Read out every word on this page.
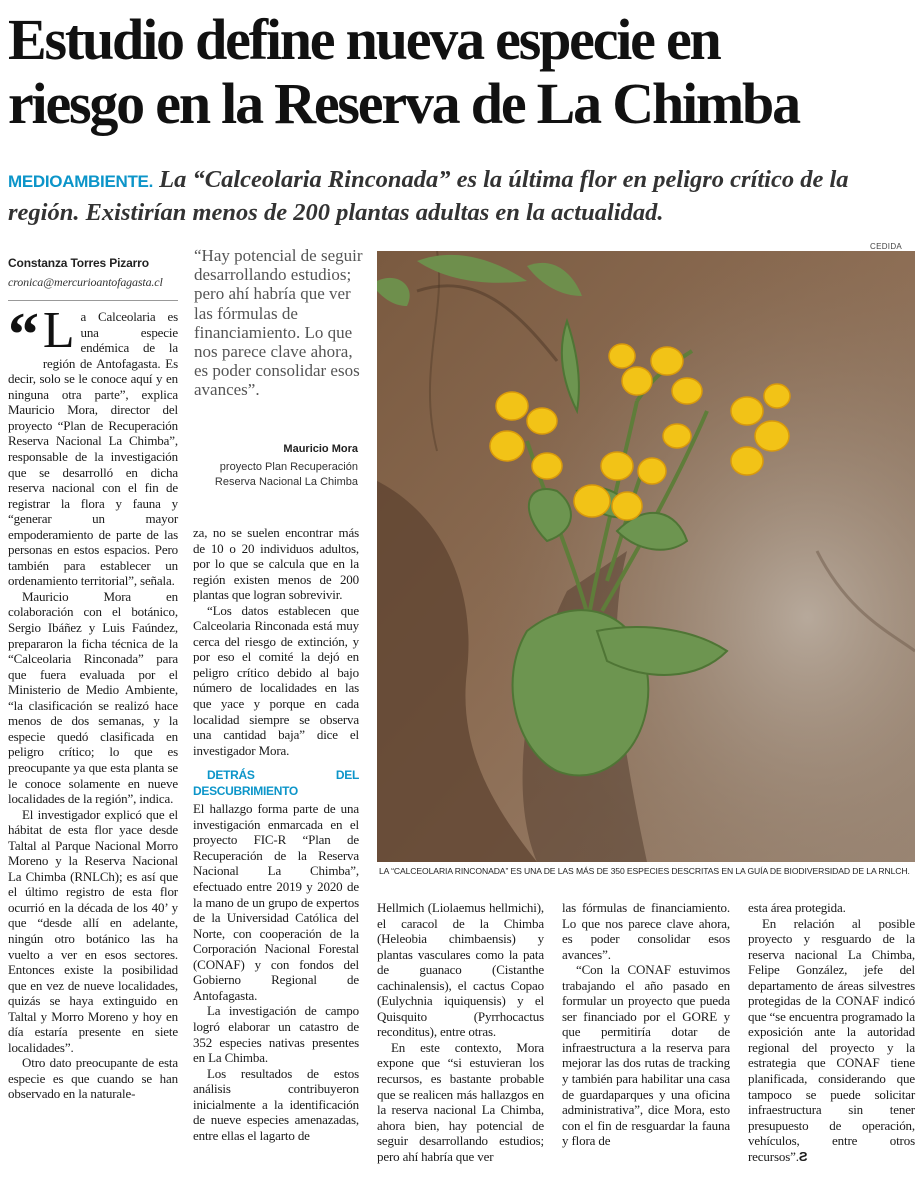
Estudio define nueva especie en
riesgo en la Reserva de La Chimba
MEDIOAMBIENTE. La “Calceolaria Rinconada” es la última flor en peligro crítico de la región. Existirían menos de 200 plantas adultas en la actualidad.
Constanza Torres Pizarro
cronica@mercurioantofagasta.cl
“ L a Calceolaria es una especie endémica de la región de Antofagasta. Es decir, solo se le conoce aquí y en ninguna otra parte”, explica Mauricio Mora, director del proyecto “Plan de Recuperación Reserva Nacional La Chimba”, responsable de la investigación que se desarrolló en dicha reserva nacional con el fin de registrar la flora y fauna y “generar un mayor empoderamiento de parte de las personas en estos espacios. Pero también para establecer un ordenamiento territorial”, señala.

Mauricio Mora en colaboración con el botánico, Sergio Ibáñez y Luis Faúndez, prepararon la ficha técnica de la “Calceolaria Rinconada” para que fuera evaluada por el Ministerio de Medio Ambiente, “la clasificación se realizó hace menos de dos semanas, y la especie quedó clasificada en peligro crítico; lo que es preocupante ya que esta planta se le conoce solamente en nueve localidades de la región”, indica.

El investigador explicó que el hábitat de esta flor yace desde Taltal al Parque Nacional Morro Moreno y la Reserva Nacional La Chimba (RNLCh); es así que el último registro de esta flor ocurrió en la década de los 40’ y que “desde allí en adelante, ningún otro botánico las ha vuelto a ver en esos sectores. Entonces existe la posibilidad que en vez de nueve localidades, quizás se haya extinguido en Taltal y Morro Moreno y hoy en día estaría presente en siete localidades”.

Otro dato preocupante de esta especie es que cuando se han observado en la naturale-

“Hay potencial de seguir desarrollando estudios; pero ahí habría que ver las fórmulas de financiamiento. Lo que nos parece clave ahora, es poder consolidar esos avances”.
Mauricio Mora
proyecto Plan Recuperación Reserva Nacional La Chimba

za, no se suelen encontrar más de 10 o 20 individuos adultos, por lo que se calcula que en la región existen menos de 200 plantas que logran sobrevivir.

“Los datos establecen que Calceolaria Rinconada está muy cerca del riesgo de extinción, y por eso el comité la dejó en peligro crítico debido al bajo número de localidades en las que yace y porque en cada localidad siempre se observa una cantidad baja” dice el investigador Mora.

DETRÁS DEL DESCUBRIMIENTO

El hallazgo forma parte de una investigación enmarcada en el proyecto FIC-R “Plan de Recuperación de la Reserva Nacional La Chimba”, efectuado entre 2019 y 2020 de la mano de un grupo de expertos de la Universidad Católica del Norte, con cooperación de la Corporación Nacional Forestal (CONAF) y con fondos del Gobierno Regional de Antofagasta.

La investigación de campo logró elaborar un catastro de 352 especies nativas presentes en La Chimba.

Los resultados de estos análisis contribuyeron inicialmente a la identificación de nueve especies amenazadas, entre ellas el lagarto de

CEDIDA
LA “CALCEOLARIA RINCONADA” ES UNA DE LAS MÁS DE 350 ESPECIES DESCRITAS EN LA GUÍA DE BIODIVERSIDAD DE LA RNLCH.

Hellmich (Liolaemus hellmichi), el caracol de la Chimba (Heleobia chimbaensis) y plantas vasculares como la pata de guanaco (Cistanthe cachinalensis), el cactus Copao (Eulychnia iquiquensis) y el Quisquito (Pyrrhocactus reconditus), entre otras.

En este contexto, Mora expone que “si estuvieran los recursos, es bastante probable que se realicen más hallazgos en la reserva nacional La Chimba, ahora bien, hay potencial de seguir desarrollando estudios; pero ahí habría que ver

las fórmulas de financiamiento. Lo que nos parece clave ahora, es poder consolidar esos avances”.

“Con la CONAF estuvimos trabajando el año pasado en formular un proyecto que pueda ser financiado por el GORE y que permitiría dotar de infraestructura a la reserva para mejorar las dos rutas de tracking y también para habilitar una casa de guardaparques y una oficina administrativa”, dice Mora, esto con el fin de resguardar la fauna y flora de

esta área protegida.

En relación al posible proyecto y resguardo de la reserva nacional La Chimba, Felipe González, jefe del departamento de áreas silvestres protegidas de la CONAF indicó que “se encuentra programado la exposición ante la autoridad regional del proyecto y la estrategia que CONAF tiene planificada, considerando que tampoco se puede solicitar infraestructura sin tener presupuesto de operación, vehículos, entre otros recursos”.Ƨ
